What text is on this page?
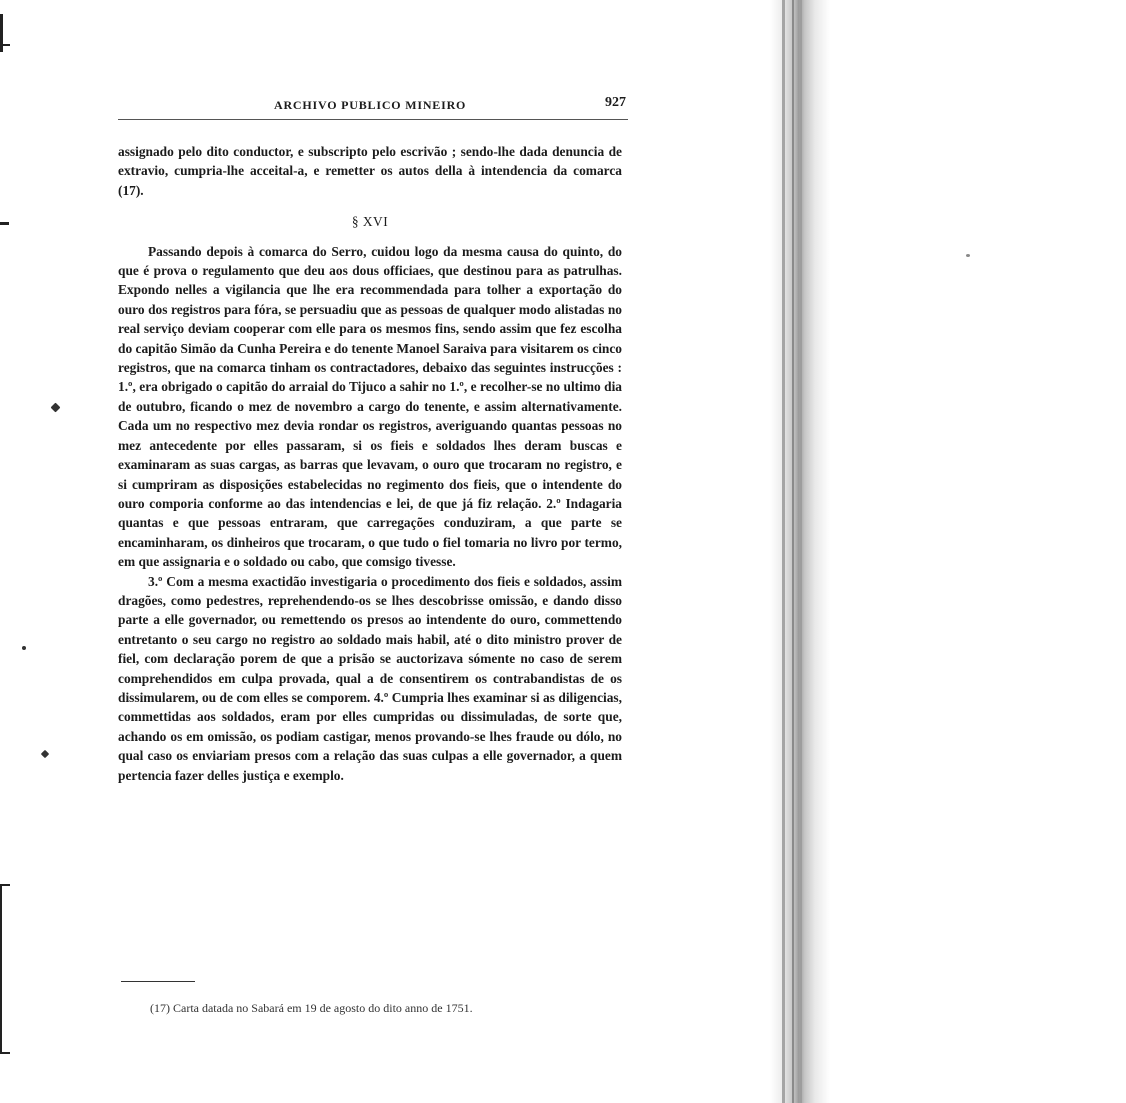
ARCHIVO PUBLICO MINEIRO	927

assignado pelo dito conductor, e subscripto pelo escrivão ; sendo-lhe dada denuncia de extravio, cumpria-lhe acceital-a, e remetter os autos della à intendencia da comarca (17).

§ XVI

Passando depois à comarca do Serro, cuidou logo da mesma causa do quinto, do que é prova o regulamento que deu aos dous officiaes, que destinou para as patrulhas. Expondo nelles a vigilancia que lhe era recommendada para tolher a exportação do ouro dos registros para fóra, se persuadiu que as pessoas de qualquer modo alistadas no real serviço deviam cooperar com elle para os mesmos fins, sendo assim que fez escolha do capitão Simão da Cunha Pereira e do tenente Manoel Saraiva para visitarem os cinco registros, que na comarca tinham os contractadores, debaixo das seguintes instrucções : 1.º, era obrigado o capitão do arraial do Tijuco a sahir no 1.º, e recolher-se no ultimo dia de outubro, ficando o mez de novembro a cargo do tenente, e assim alternativamente. Cada um no respectivo mez devia rondar os registros, averiguando quantas pessoas no mez antecedente por elles passaram, si os fieis e soldados lhes deram buscas e examinaram as suas cargas, as barras que levavam, o ouro que trocaram no registro, e si cumpriram as disposições estabelecidas no regimento dos fieis, que o intendente do ouro comporia conforme ao das intendencias e lei, de que já fiz relação. 2.º Indagaria quantas e que pessoas entraram, que carregações conduziram, a que parte se encaminharam, os dinheiros que trocaram, o que tudo o fiel tomaria no livro por termo, em que assignaria e o soldado ou cabo, que comsigo tivesse.

3.º Com a mesma exactidão investigaria o procedimento dos fieis e soldados, assim dragões, como pedestres, reprehendendo-os se lhes descobrisse omissão, e dando disso parte a elle governador, ou remettendo os presos ao intendente do ouro, commettendo entretanto o seu cargo no registro ao soldado mais habil, até o dito ministro prover de fiel, com declaração porem de que a prisão se auctorizava sómente no caso de serem comprehendidos em culpa provada, qual a de consentirem os contrabandistas de os dissimularem, ou de com elles se comporem. 4.º Cumpria lhes examinar si as diligencias, commettidas aos soldados, eram por elles cumpridas ou dissimuladas, de sorte que, achando os em omissão, os podiam castigar, menos provando-se lhes fraude ou dólo, no qual caso os enviariam presos com a relação das suas culpas a elle governador, a quem pertencia fazer delles justiça e exemplo.

(17) Carta datada no Sabará em 19 de agosto do dito anno de 1751.
